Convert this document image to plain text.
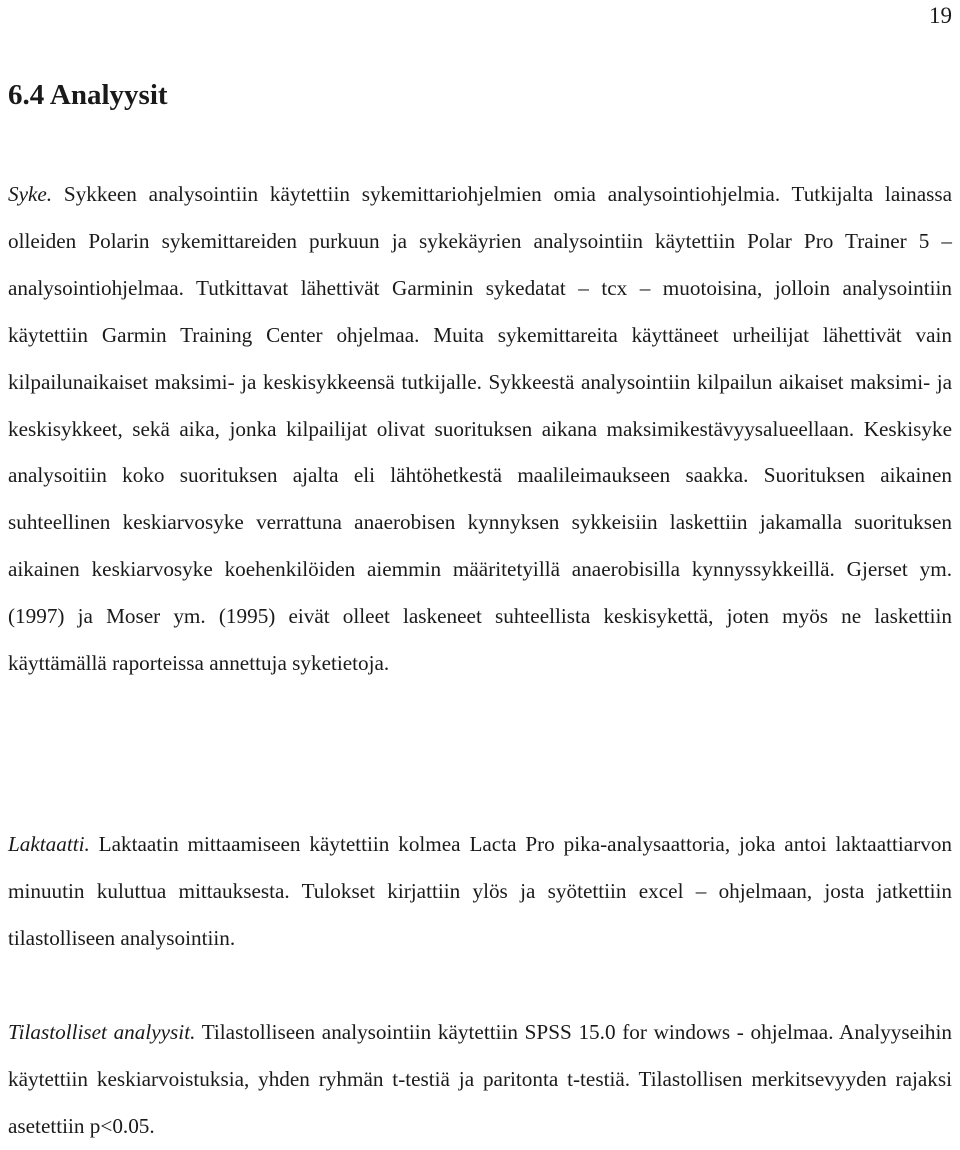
19
6.4 Analyysit

Syke. Sykkeen analysointiin käytettiin sykemittariohjelmien omia analysointiohjelmia. Tutkijalta lainassa olleiden Polarin sykemittareiden purkuun ja sykekäyrien analysointiin käytettiin Polar Pro Trainer 5 – analysointiohjelmaa. Tutkittavat lähettivät Garminin sykedatat – tcx – muotoisina, jolloin analysointiin käytettiin Garmin Training Center ohjelmaa. Muita sykemittareita käyttäneet urheilijat lähettivät vain kilpailunaikaiset maksimi- ja keskisykkeensä tutkijalle. Sykkeestä analysointiin kilpailun aikaiset maksimi- ja keskisykkeet, sekä aika, jonka kilpailijat olivat suorituksen aikana maksimikestävyysalueellaan. Keskisyke analysoitiin koko suorituksen ajalta eli lähtöhetkestä maalileimaukseen saakka. Suorituksen aikainen suhteellinen keskiarvosyke verrattuna anaerobisen kynnyksen sykkeisiin laskettiin jakamalla suorituksen aikainen keskiarvosyke koehenkilöiden aiemmin määritetyillä anaerobisilla kynnyssykkeillä. Gjerset ym. (1997) ja Moser ym. (1995) eivät olleet laskeneet suhteellista keskisykettä, joten myös ne laskettiin käyttämällä raporteissa annettuja syketietoja.

Laktaatti. Laktaatin mittaamiseen käytettiin kolmea Lacta Pro pika-analysaattoria, joka antoi laktaattiarvon minuutin kuluttua mittauksesta. Tulokset kirjattiin ylös ja syötettiin excel – ohjelmaan, josta jatkettiin tilastolliseen analysointiin.

Tilastolliset analyysit. Tilastolliseen analysointiin käytettiin SPSS 15.0 for windows - ohjelmaa. Analyyseihin käytettiin keskiarvoistuksia, yhden ryhmän t-testiä ja paritonta t-testiä. Tilastollisen merkitsevyyden rajaksi asetettiin p<0.05.
